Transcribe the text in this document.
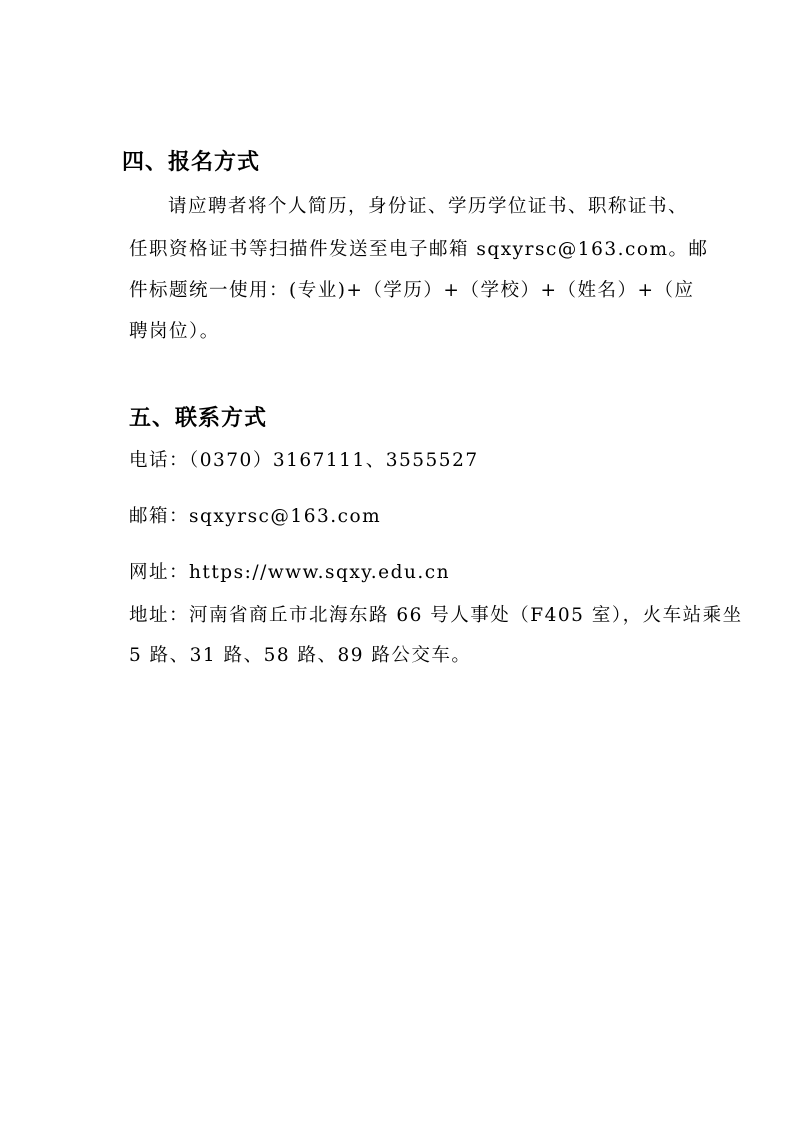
四、报名方式
请应聘者将个人简历，身份证、学历学位证书、职称证书、
任职资格证书等扫描件发送至电子邮箱 sqxyrsc@163.com。邮
件标题统一使用：(专业)+（学历）+（学校）+（姓名）+（应
聘岗位）。
五、联系方式
电话：（0370）3167111、3555527
邮箱：sqxyrsc@163.com
网址：https://www.sqxy.edu.cn
地址：河南省商丘市北海东路 66 号人事处（F405 室），火车站乘坐
5 路、31 路、58 路、89 路公交车。
